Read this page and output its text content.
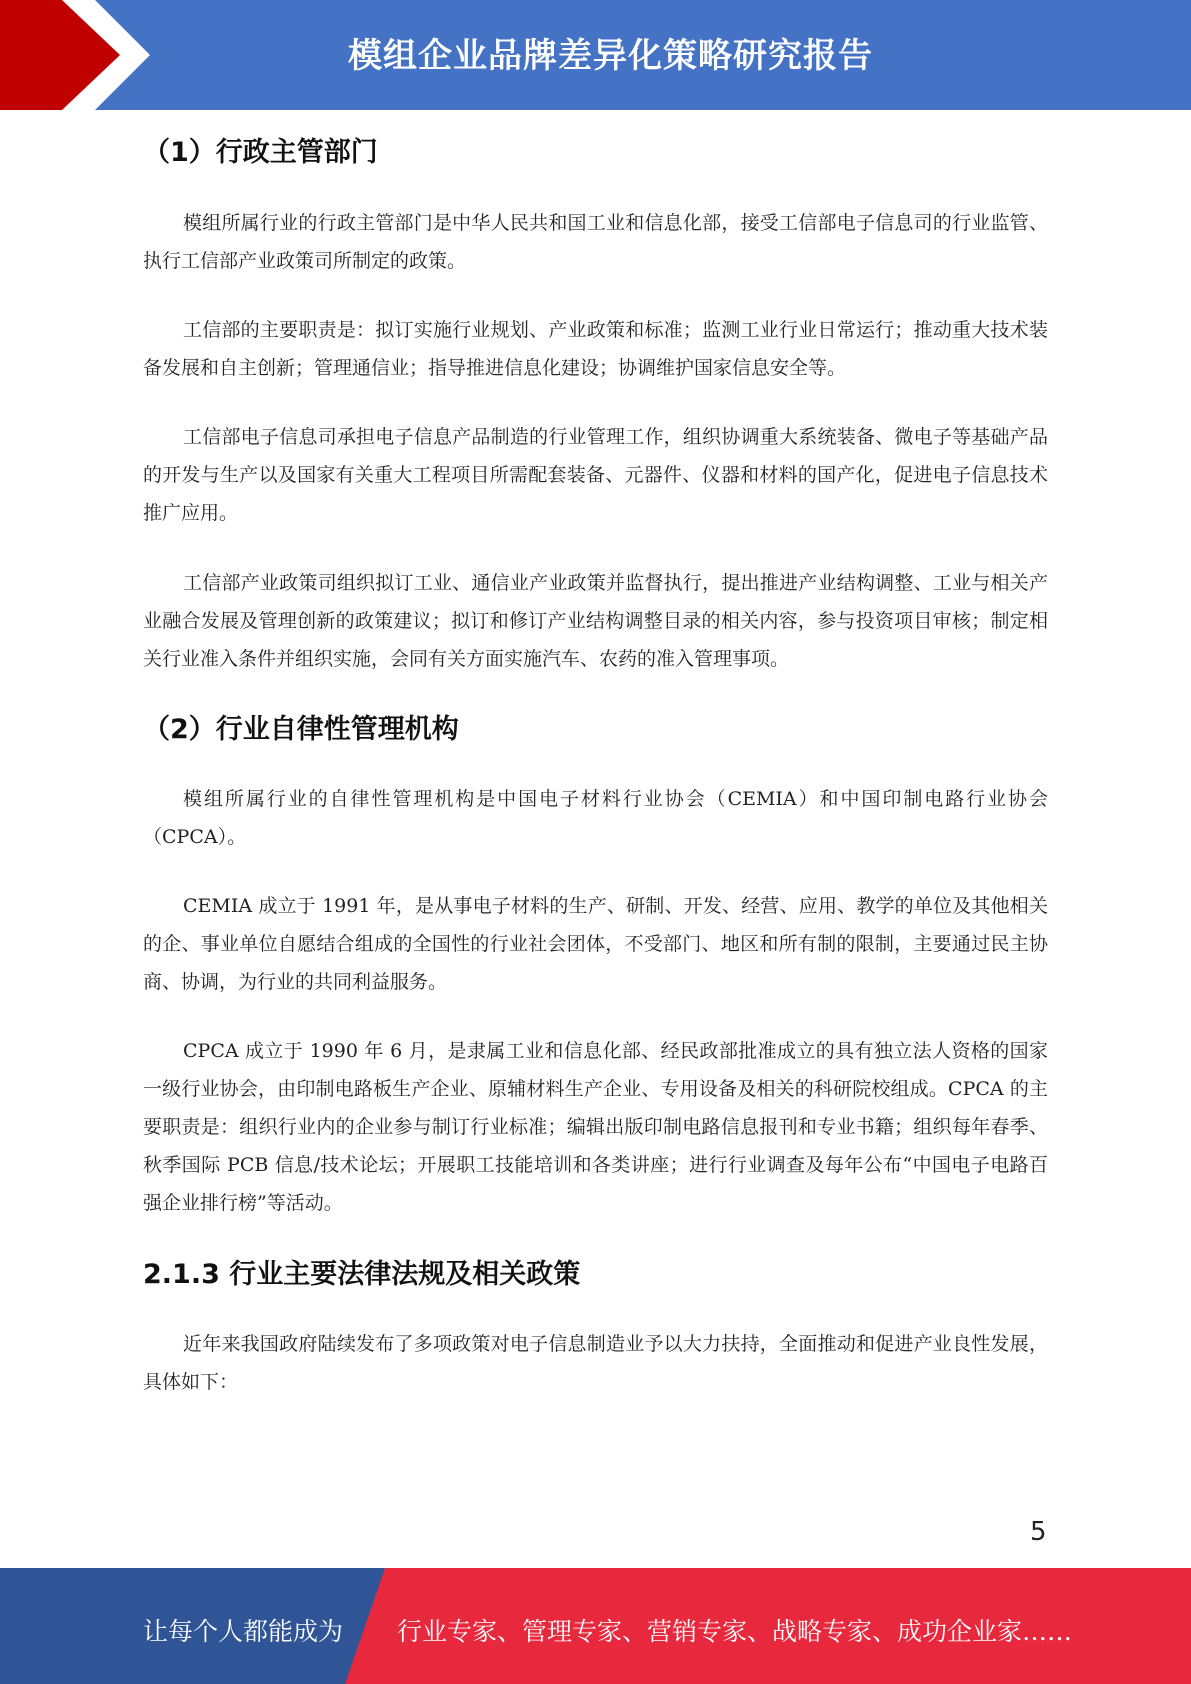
模组企业品牌差异化策略研究报告
（1）行政主管部门
模组所属行业的行政主管部门是中华人民共和国工业和信息化部，接受工信部电子信息司的行业监管、执行工信部产业政策司所制定的政策。
工信部的主要职责是：拟订实施行业规划、产业政策和标准；监测工业行业日常运行；推动重大技术装备发展和自主创新；管理通信业；指导推进信息化建设；协调维护国家信息安全等。
工信部电子信息司承担电子信息产品制造的行业管理工作，组织协调重大系统装备、微电子等基础产品的开发与生产以及国家有关重大工程项目所需配套装备、元器件、仪器和材料的国产化，促进电子信息技术推广应用。
工信部产业政策司组织拟订工业、通信业产业政策并监督执行，提出推进产业结构调整、工业与相关产业融合发展及管理创新的政策建议；拟订和修订产业结构调整目录的相关内容，参与投资项目审核；制定相关行业准入条件并组织实施，会同有关方面实施汽车、农药的准入管理事项。
（2）行业自律性管理机构
模组所属行业的自律性管理机构是中国电子材料行业协会（CEMIA）和中国印制电路行业协会（CPCA）。
CEMIA 成立于 1991 年，是从事电子材料的生产、研制、开发、经营、应用、教学的单位及其他相关的企、事业单位自愿结合组成的全国性的行业社会团体，不受部门、地区和所有制的限制，主要通过民主协商、协调，为行业的共同利益服务。
CPCA 成立于 1990 年 6 月，是隶属工业和信息化部、经民政部批准成立的具有独立法人资格的国家一级行业协会，由印制电路板生产企业、原辅材料生产企业、专用设备及相关的科研院校组成。CPCA 的主要职责是：组织行业内的企业参与制订行业标准；编辑出版印制电路信息报刊和专业书籍；组织每年春季、秋季国际 PCB 信息/技术论坛；开展职工技能培训和各类讲座；进行行业调查及每年公布“中国电子电路百强企业排行榜”等活动。
2.1.3 行业主要法律法规及相关政策
近年来我国政府陆续发布了多项政策对电子信息制造业予以大力扶持，全面推动和促进产业良性发展，具体如下：
5
让每个人都能成为 行业专家、管理专家、营销专家、战略专家、成功企业家……
